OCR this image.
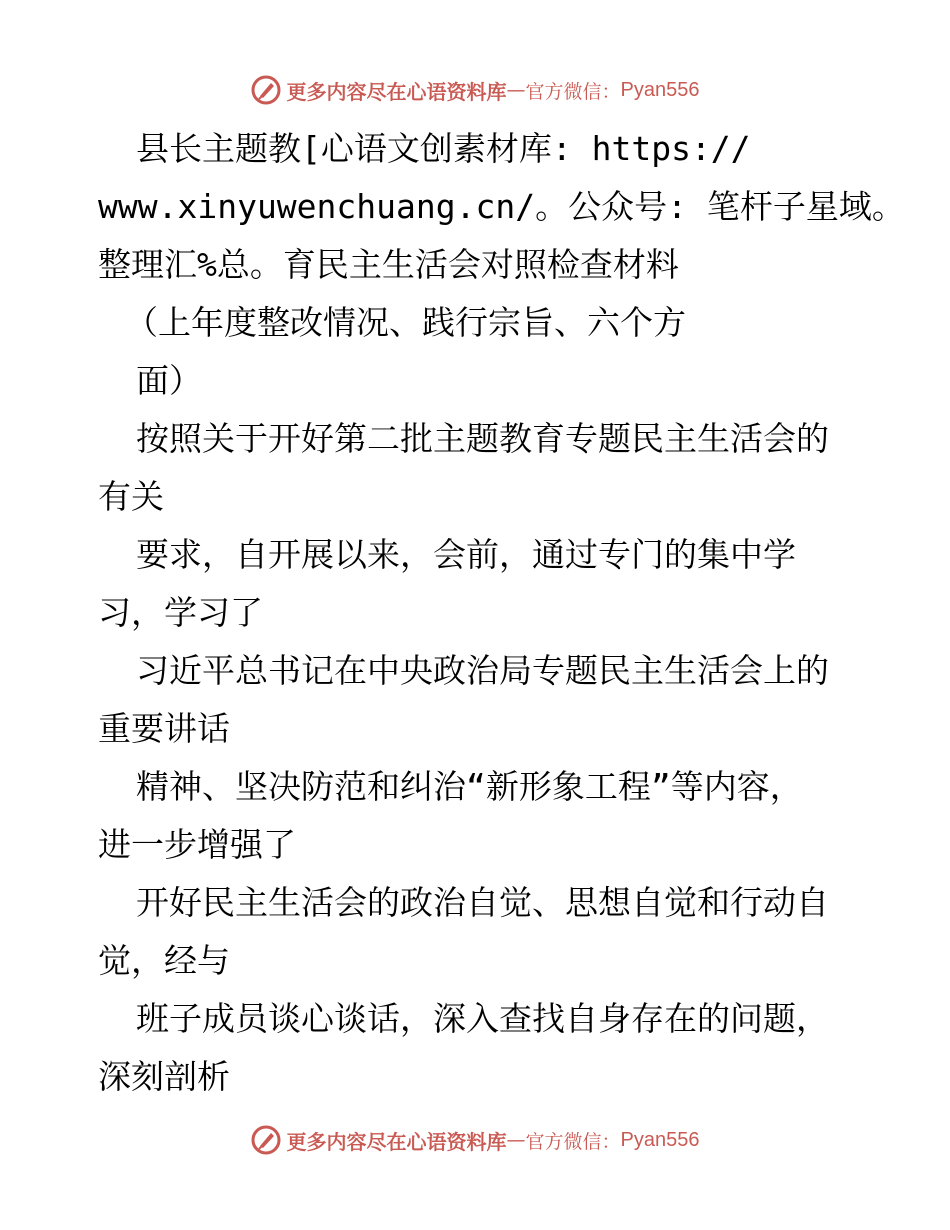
更多内容尽在心语资料库 — 官方微信： Pyan556
县长主题教[心语文创素材库: https://
www.xinyuwenchuang.cn/。公众号: 笔杆子星域。
整理汇%总。育民主生活会对照检查材料
（上年度整改情况、践行宗旨、六个方
面）
按照关于开好第二批主题教育专题民主生活会的
有关
要求，自开展以来，会前，通过专门的集中学
习，学习了
习近平总书记在中央政治局专题民主生活会上的
重要讲话
精神、坚决防范和纠治“新形象工程”等内容，
进一步增强了
开好民主生活会的政治自觉、思想自觉和行动自
觉，经与
班子成员谈心谈话，深入查找自身存在的问题，
深刻剖析
更多内容尽在心语资料库 — 官方微信： Pyan556
